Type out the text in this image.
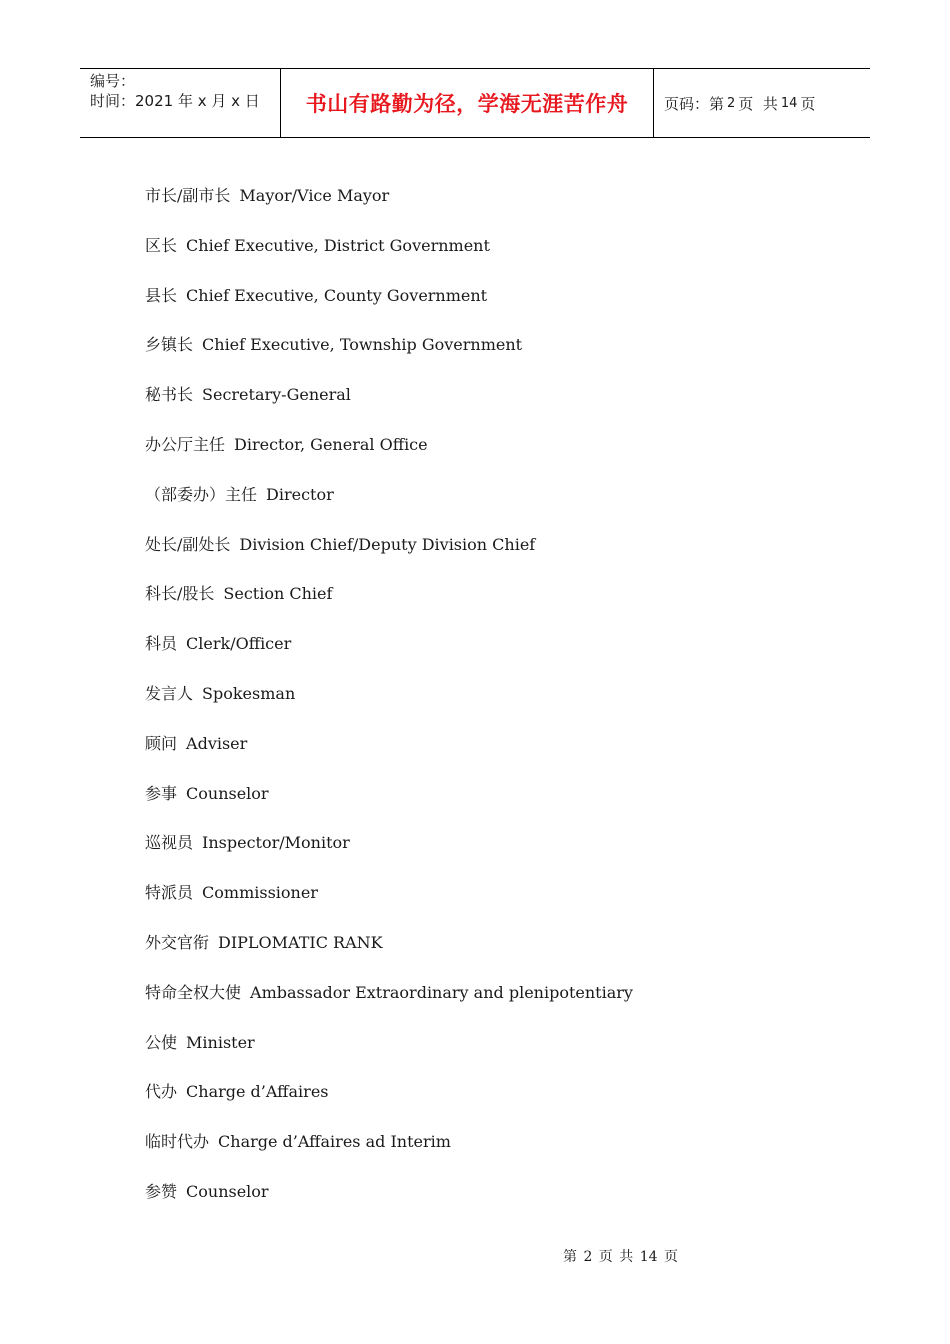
编号：
时间：2021 年 x 月 x 日	书山有路勤为径，学海无涯苦作舟	页码：第 2 页  共 14 页
市长/副市长 Mayor/Vice Mayor
区长 Chief Executive, District Government
县长 Chief Executive, County Government
乡镇长 Chief Executive, Township Government
秘书长 Secretary-General
办公厅主任 Director, General Office
（部委办）主任 Director
处长/副处长 Division Chief/Deputy Division Chief
科长/股长 Section Chief
科员 Clerk/Officer
发言人 Spokesman
顾问 Adviser
参事 Counselor
巡视员 Inspector/Monitor
特派员 Commissioner
外交官衔 DIPLOMATIC RANK
特命全权大使 Ambassador Extraordinary and plenipotentiary
公使 Minister
代办 Charge d’Affaires
临时代办 Charge d’Affaires ad Interim
参赞 Counselor
第 2 页 共 14 页
